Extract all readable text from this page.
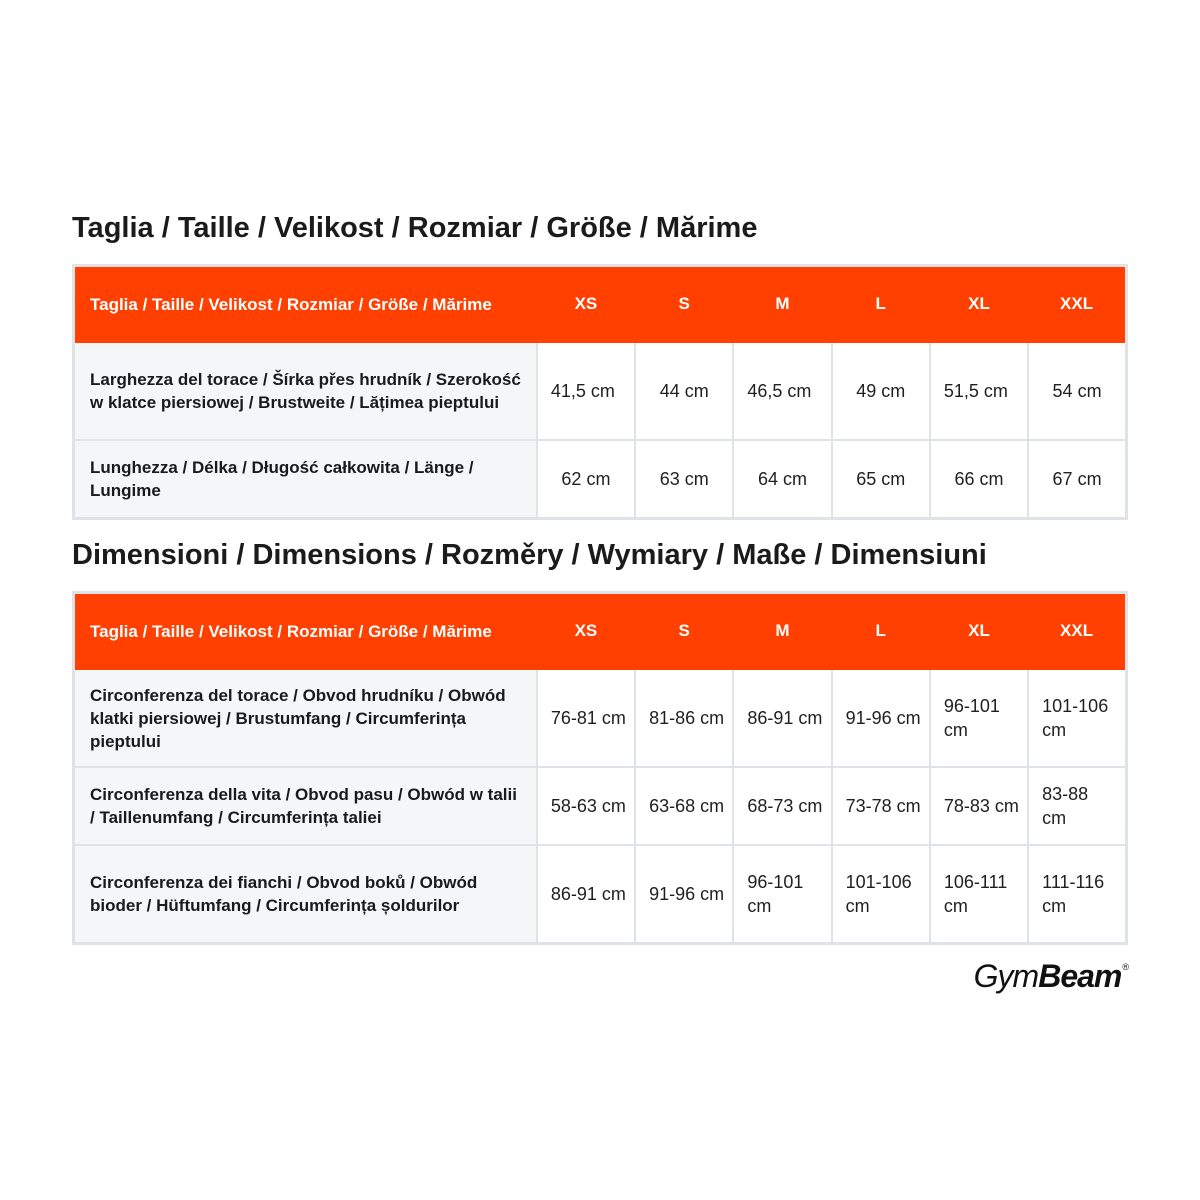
Taglia / Taille / Velikost / Rozmiar / Größe / Mărime
Taglia / Taille / Velikost / Rozmiar / Größe / Mărime	XS	S	M	L	XL	XXL
Larghezza del torace / Šírka přes hrudník / Szerokość w klatce piersiowej / Brustweite / Lățimea pieptului	41,5 cm	44 cm	46,5 cm	49 cm	51,5 cm	54 cm
Lunghezza / Délka / Długość całkowita / Länge / Lungime	62 cm	63 cm	64 cm	65 cm	66 cm	67 cm
Dimensioni / Dimensions / Rozměry / Wymiary / Maße / Dimensiuni
Taglia / Taille / Velikost / Rozmiar / Größe / Mărime	XS	S	M	L	XL	XXL
Circonferenza del torace / Obvod hrudníku / Obwód klatki piersiowej / Brustumfang / Circumferința pieptului	76-81 cm	81-86 cm	86-91 cm	91-96 cm	96-101 cm	101-106 cm
Circonferenza della vita / Obvod pasu / Obwód w talii / Taillenumfang / Circumferința taliei	58-63 cm	63-68 cm	68-73 cm	73-78 cm	78-83 cm	83-88 cm
Circonferenza dei fianchi / Obvod boků / Obwód bioder / Hüftumfang / Circumferința șoldurilor	86-91 cm	91-96 cm	96-101 cm	101-106 cm	106-111 cm	111-116 cm
GymBeam®
